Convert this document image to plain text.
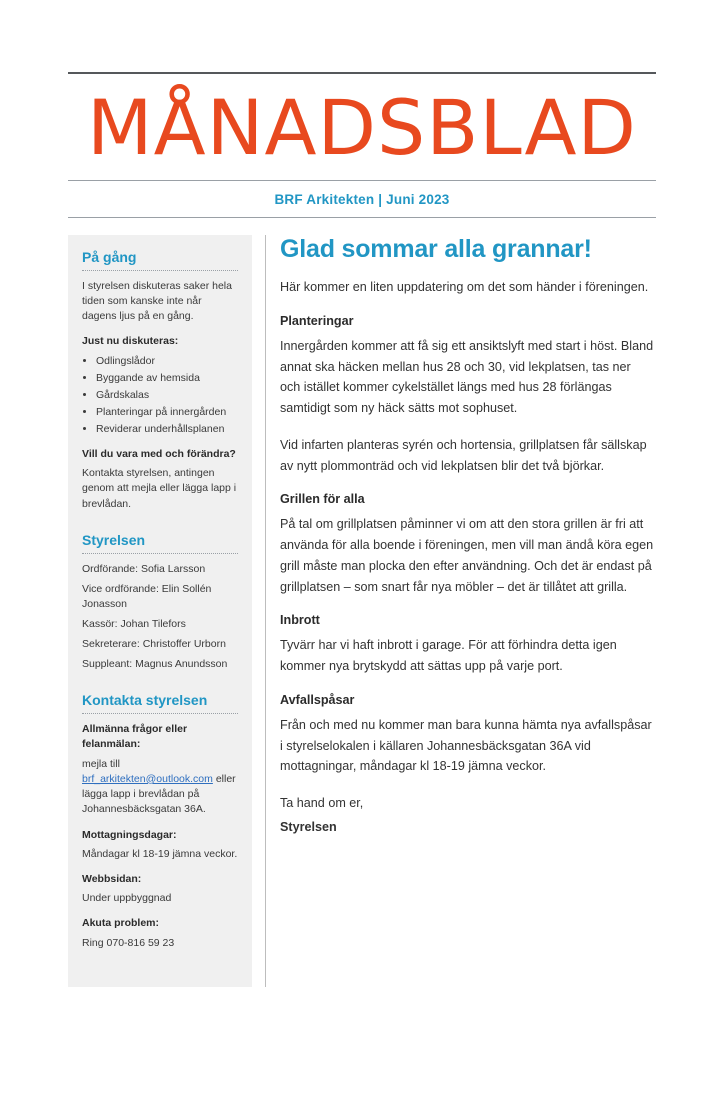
MÅNADSBLAD
BRF Arkitekten | Juni 2023
På gång

I styrelsen diskuteras saker hela tiden som kanske inte når dagens ljus på en gång.

Just nu diskuteras:

• Odlingslådor
• Byggande av hemsida
• Gårdskalas
• Planteringar på innergården
• Reviderar underhållsplanen

Vill du vara med och förändra?

Kontakta styrelsen, antingen genom att mejla eller lägga lapp i brevlådan.

Styrelsen

Ordförande: Sofia Larsson

Vice ordförande: Elin Sollén Jonasson

Kassör: Johan Tilefors

Sekreterare: Christoffer Urborn

Suppleant: Magnus Anundsson

Kontakta styrelsen

Allmänna frågor eller felanmälan:

mejla till
brf_arkitekten@outlook.com eller lägga lapp i brevlådan på Johannesbäcksgatan 36A.

Mottagningsdagar:

Måndagar kl 18-19 jämna veckor.

Webbsidan:

Under uppbyggnad

Akuta problem:

Ring 070-816 59 23

Glad sommar alla grannar!

Här kommer en liten uppdatering om det som händer i föreningen.

Planteringar

Innergården kommer att få sig ett ansiktslyft med start i höst. Bland annat ska häcken mellan hus 28 och 30, vid lekplatsen, tas ner och istället kommer cykelstället längs med hus 28 förlängas samtidigt som ny häck sätts mot sophuset.

Vid infarten planteras syrén och hortensia, grillplatsen får sällskap av nytt plommonträd och vid lekplatsen blir det två björkar.

Grillen för alla

På tal om grillplatsen påminner vi om att den stora grillen är fri att använda för alla boende i föreningen, men vill man ändå köra egen grill måste man plocka den efter användning. Och det är endast på grillplatsen – som snart får nya möbler – det är tillåtet att grilla.

Inbrott

Tyvärr har vi haft inbrott i garage. För att förhindra detta igen kommer nya brytskydd att sättas upp på varje port.

Avfallspåsar

Från och med nu kommer man bara kunna hämta nya avfallspåsar i styrelselokalen i källaren Johannesbäcksgatan 36A vid mottagningar, måndagar kl 18-19 jämna veckor.

Ta hand om er,

Styrelsen
